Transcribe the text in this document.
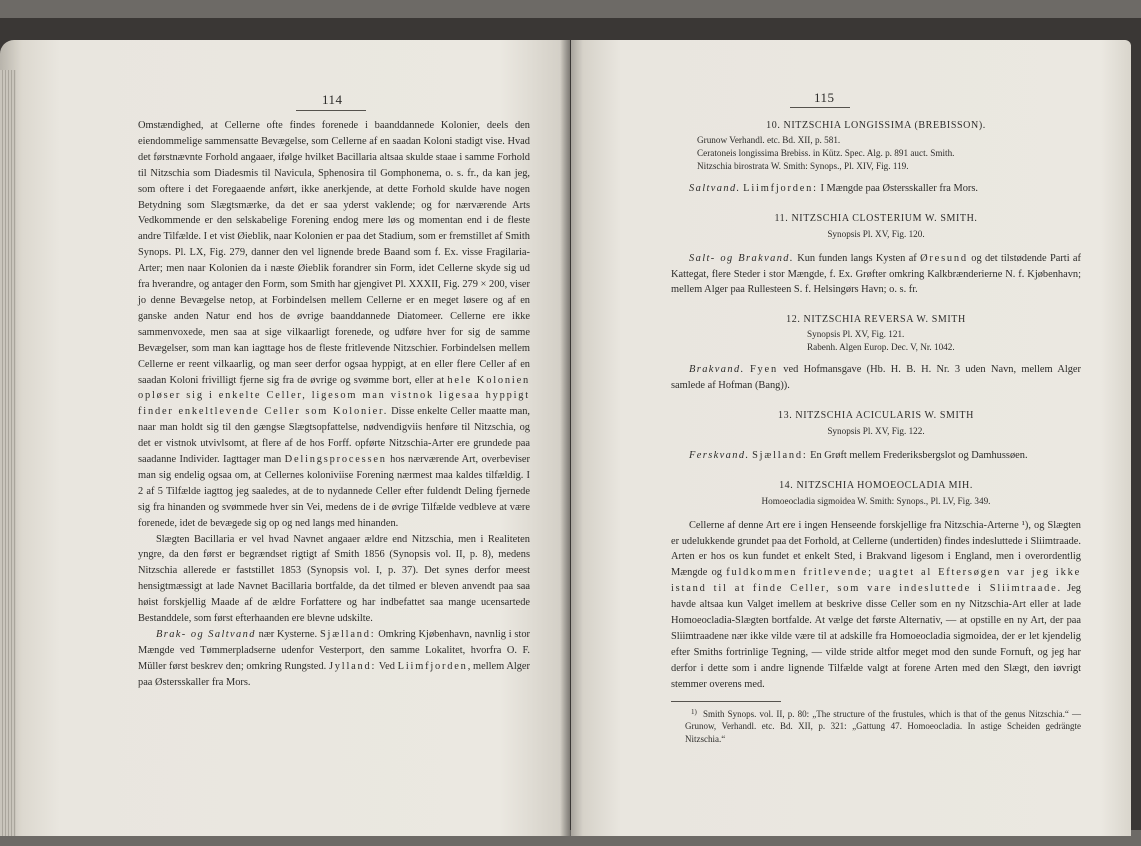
114

Omstændighed, at Cellerne ofte findes forenede i baanddannede Kolonier, deels den eiendommelige sammensatte Bevægelse, som Cellerne af en saadan Koloni stadigt vise. Hvad det førstnævnte Forhold angaaer, ifølge hvilket Bacillaria altsaa skulde staae i samme Forhold til Nitzschia som Diadesmis til Navicula, Sphenosira til Gomphonema, o. s. fr., da kan jeg, som oftere i det Foregaaende anført, ikke anerkjende, at dette Forhold skulde have nogen Betydning som Slægtsmærke, da det er saa yderst vaklende; og for nærværende Arts Vedkommende er den selskabelige Forening endog mere løs og momentan end i de fleste andre Tilfælde. I et vist Øieblik, naar Kolonien er paa det Stadium, som er fremstillet af Smith Synops. Pl. LX, Fig. 279, danner den vel lignende brede Baand som f. Ex. visse Fragilaria-Arter; men naar Kolonien da i næste Øieblik forandrer sin Form, idet Cellerne skyde sig ud fra hverandre, og antager den Form, som Smith har gjengivet Pl. XXXII, Fig. 279 × 200, viser jo denne Bevægelse netop, at Forbindelsen mellem Cellerne er en meget løsere og af en ganske anden Natur end hos de øvrige baanddannede Diatomeer. Cellerne ere ikke sammenvoxede, men saa at sige vilkaarligt forenede, og udføre hver for sig de samme Bevægelser, som man kan iagttage hos de fleste fritlevende Nitzschier. Forbindelsen mellem Cellerne er reent vilkaarlig, og man seer derfor ogsaa hyppigt, at en eller flere Celler af en saadan Koloni frivilligt fjerne sig fra de øvrige og svømme bort, eller at hele Kolonien opløser sig i enkelte Celler, ligesom man vistnok ligesaa hyppigt finder enkeltlevende Celler som Kolonier. Disse enkelte Celler maatte man, naar man holdt sig til den gængse Slægtsopfattelse, nødvendigviis henføre til Nitzschia, og det er vistnok utvivlsomt, at flere af de hos Forff. opførte Nitzschia-Arter ere grundede paa saadanne Individer. Iagttager man Delingsprocessen hos nærværende Art, overbeviser man sig endelig ogsaa om, at Cellernes koloniviise Forening nærmest maa kaldes tilfældig. I 2 af 5 Tilfælde iagttog jeg saaledes, at de to nydannede Celler efter fuldendt Deling fjernede sig fra hinanden og svømmede hver sin Vei, medens de i de øvrige Tilfælde vedbleve at være forenede, idet de bevægede sig op og ned langs med hinanden.

Slægten Bacillaria er vel hvad Navnet angaaer ældre end Nitzschia, men i Realiteten yngre, da den først er begrændset rigtigt af Smith 1856 (Synopsis vol. II, p. 8), medens Nitzschia allerede er faststillet 1853 (Synopsis vol. I, p. 37). Det synes derfor meest hensigtmæssigt at lade Navnet Bacillaria bortfalde, da det tilmed er bleven anvendt paa saa høist forskjellig Maade af de ældre Forfattere og har indbefattet saa mange ucensartede Bestanddele, som først efterhaanden ere blevne udskilte.

Brak- og Saltvand nær Kysterne. Sjælland: Omkring Kjøbenhavn, navnlig i stor Mængde ved Tømmerpladserne udenfor Vesterport, den samme Lokalitet, hvorfra O. F. Müller først beskrev den; omkring Rungsted. Jylland: Ved Liimfjorden, mellem Alger paa Østersskaller fra Mors.

115
10. NITZSCHIA LONGISSIMA (BREBISSON).

Grunow Verhandl. etc. Bd. XII, p. 581.

Ceratoneis longissima Brebiss. in Kütz. Spec. Alg. p. 891 auct. Smith.

Nitzschia birostrata W. Smith: Synops., Pl. XIV, Fig. 119.

Saltvand. Liimfjorden: I Mængde paa Østersskaller fra Mors.

11. NITZSCHIA CLOSTERIUM W. SMITH.
Synopsis Pl. XV, Fig. 120.

Salt- og Brakvand. Kun funden langs Kysten af Øresund og det tilstødende Parti af Kattegat, flere Steder i stor Mængde, f. Ex. Grøfter omkring Kalkbrænderierne N. f. Kjøbenhavn; mellem Alger paa Rullesteen S. f. Helsingørs Havn; o. s. fr.

12. NITZSCHIA REVERSA W. SMITH

Synopsis Pl. XV, Fig. 121.

Rabenh. Algen Europ. Dec. V, Nr. 1042.

Brakvand. Fyen ved Hofmansgave (Hb. H. B. H. Nr. 3 uden Navn, mellem Alger samlede af Hofman (Bang)).

13. NITZSCHIA ACICULARIS W. SMITH
Synopsis Pl. XV, Fig. 122.

Ferskvand. Sjælland: En Grøft mellem Frederiksbergslot og Damhussøen.

14. NITZSCHIA HOMOEOCLADIA MIH.
Homoeocladia sigmoidea W. Smith: Synops., Pl. LV, Fig. 349.

Cellerne af denne Art ere i ingen Henseende forskjellige fra Nitzschia-Arterne ¹), og Slægten er udelukkende grundet paa det Forhold, at Cellerne (undertiden) findes indesluttede i Sliimtraade. Arten er hos os kun fundet et enkelt Sted, i Brakvand ligesom i England, men i overordentlig Mængde og fuldkommen fritlevende; uagtet al Eftersøgen var jeg ikke istand til at finde Celler, som vare indesluttede i Sliimtraade. Jeg havde altsaa kun Valget imellem at beskrive disse Celler som en ny Nitzschia-Art eller at lade Homoeocladia-Slægten bortfalde. At vælge det første Alternativ, — at opstille en ny Art, der paa Sliimtraadene nær ikke vilde være til at adskille fra Homoeocladia sigmoidea, der er let kjendelig efter Smiths fortrinlige Tegning, — vilde stride altfor meget mod den sunde Fornuft, og jeg har derfor i dette som i andre lignende Tilfælde valgt at forene Arten med den Slægt, den iøvrigt stemmer overens med.

1) Smith Synops. vol. II, p. 80: „The structure of the frustules, which is that of the genus Nitzschia.“ — Grunow, Verhandl. etc. Bd. XII, p. 321: „Gattung 47. Homoeocladia. In astige Scheiden gedrängte Nitzschia.“
